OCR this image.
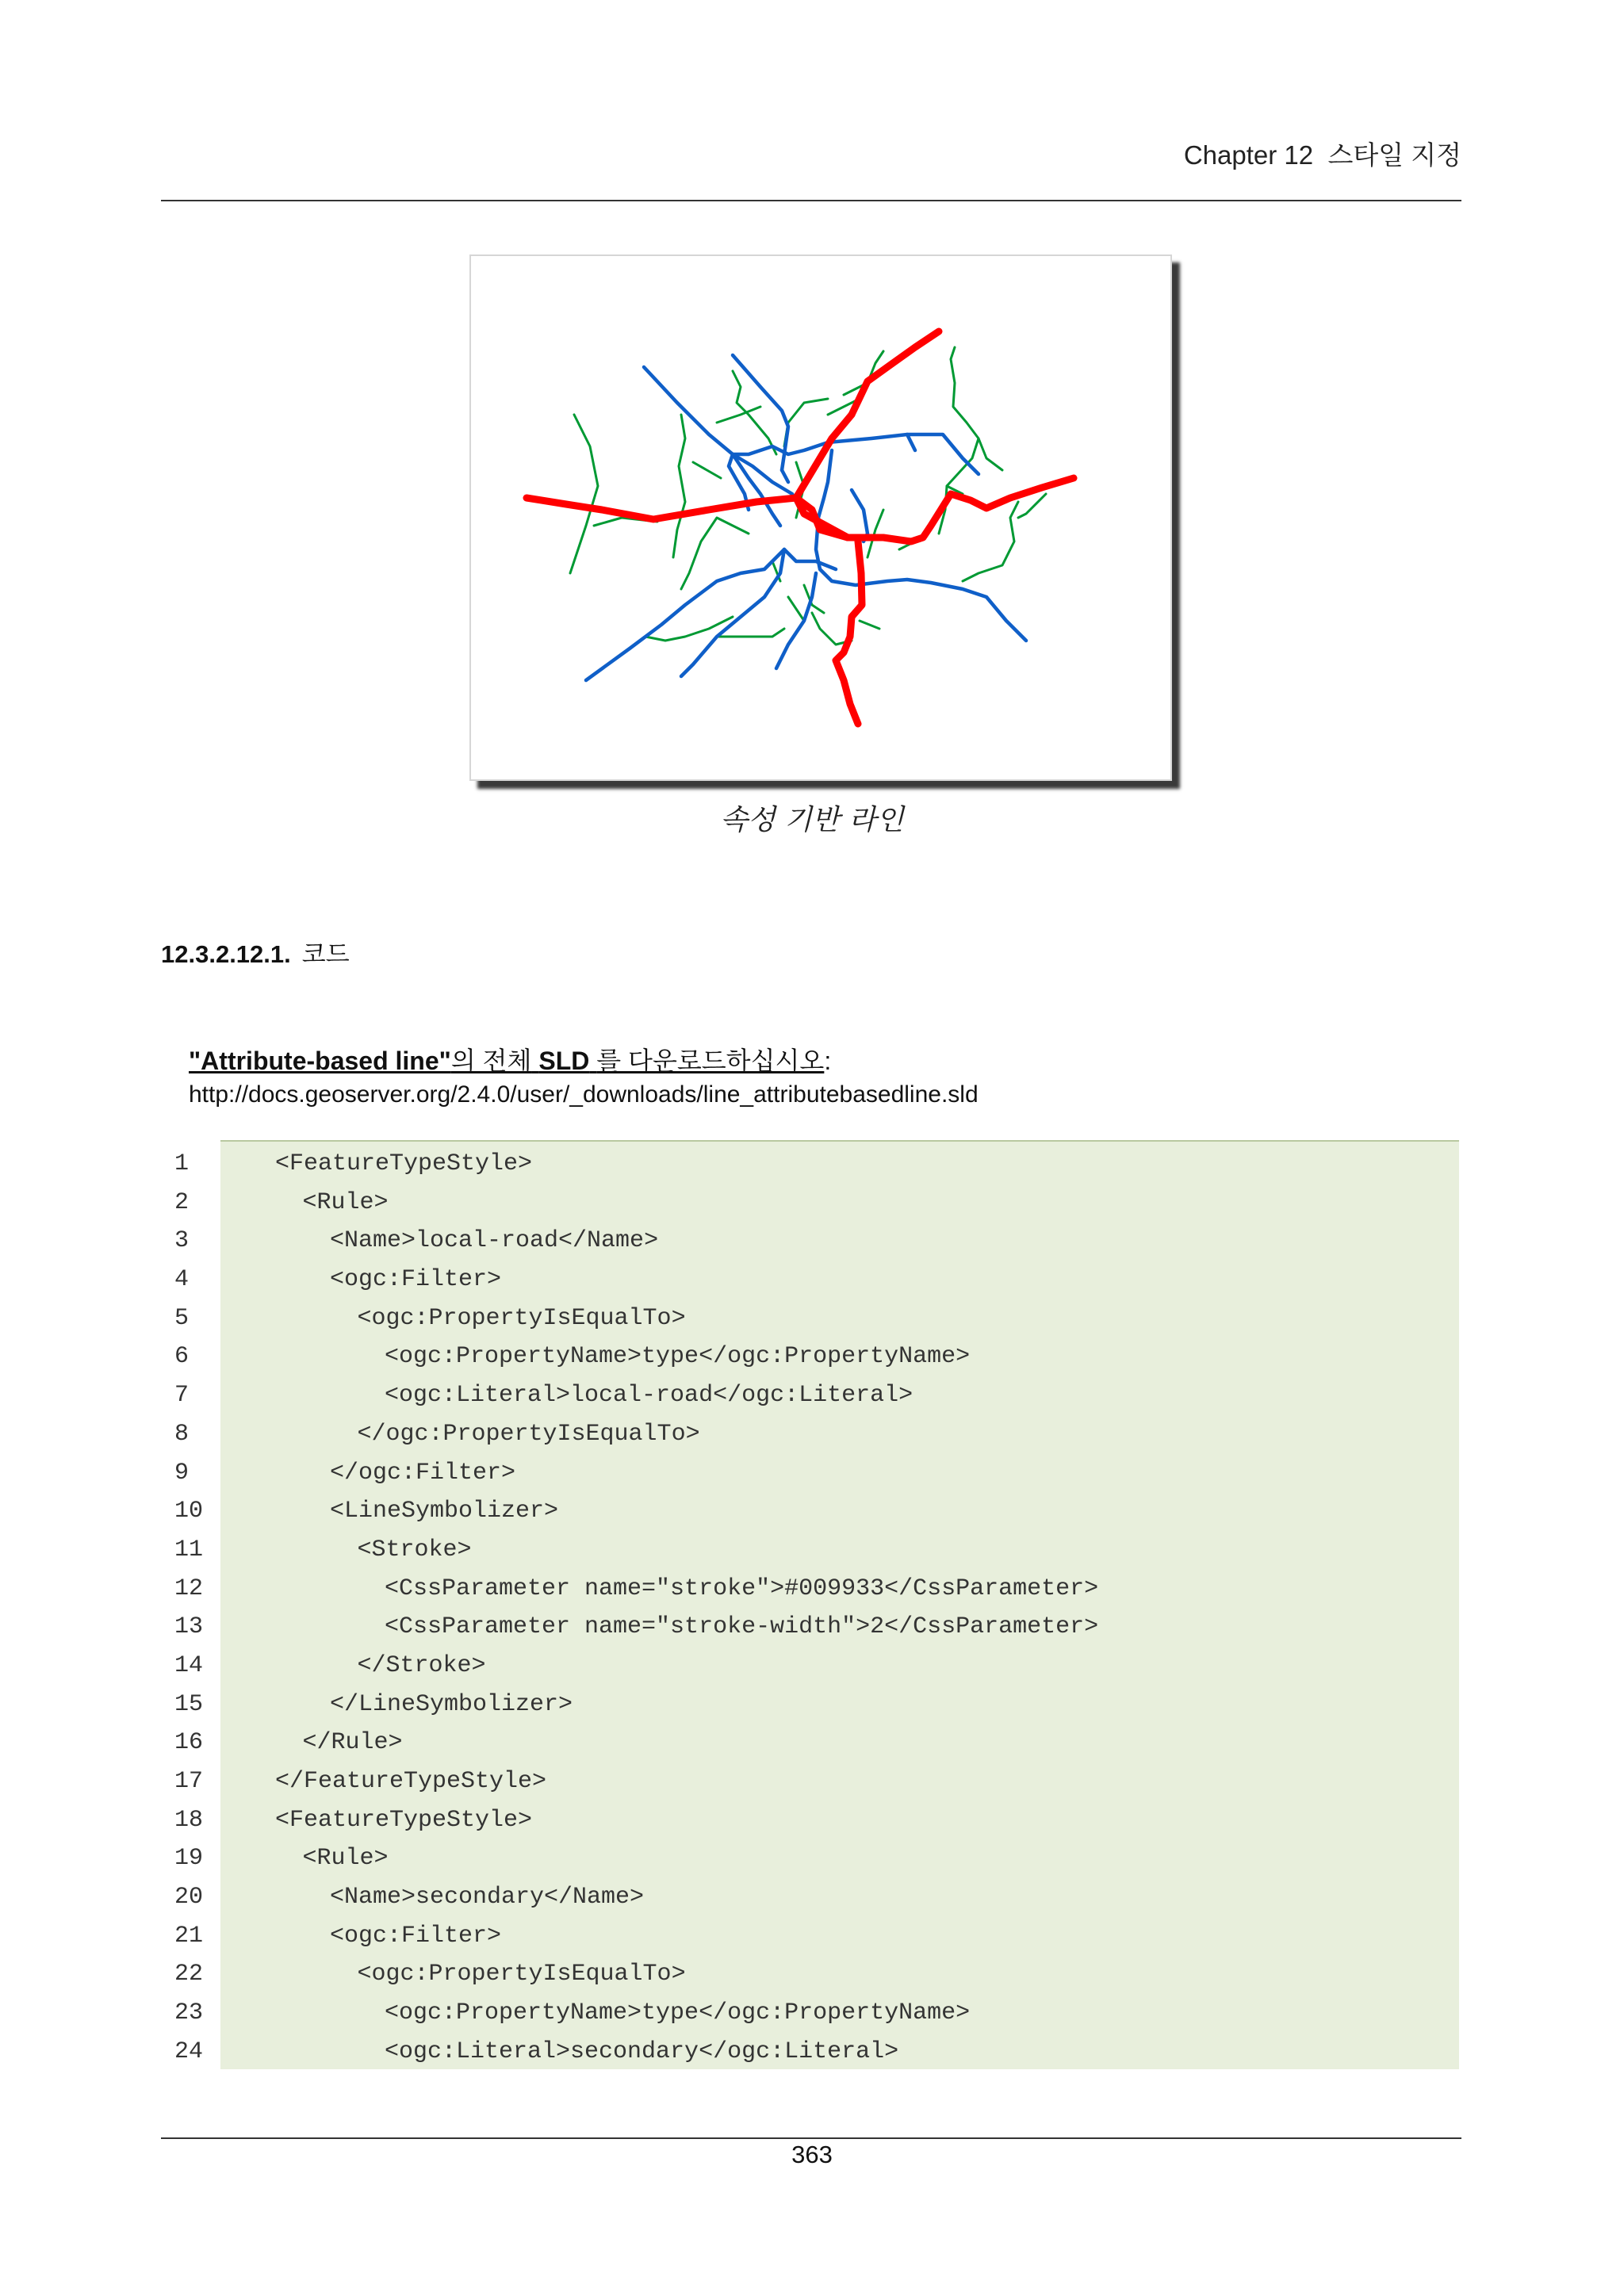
Chapter 12 스타일 지정
속성 기반 라인
12.3.2.12.1. 코드
"Attribute-based line"의 전체 SLD 를 다운로드하십시오:
http://docs.geoserver.org/2.4.0/user/_downloads/line_attributebasedline.sld
1	<FeatureTypeStyle>
2	<Rule>
3	<Name>local-road</Name>
4	<ogc:Filter>
5	<ogc:PropertyIsEqualTo>
6	<ogc:PropertyName>type</ogc:PropertyName>
7	<ogc:Literal>local-road</ogc:Literal>
8	</ogc:PropertyIsEqualTo>
9	</ogc:Filter>
10	<LineSymbolizer>
11	<Stroke>
12	<CssParameter name="stroke">#009933</CssParameter>
13	<CssParameter name="stroke-width">2</CssParameter>
14	</Stroke>
15	</LineSymbolizer>
16	</Rule>
17	</FeatureTypeStyle>
18	<FeatureTypeStyle>
19	<Rule>
20	<Name>secondary</Name>
21	<ogc:Filter>
22	<ogc:PropertyIsEqualTo>
23	<ogc:PropertyName>type</ogc:PropertyName>
24	<ogc:Literal>secondary</ogc:Literal>
363
